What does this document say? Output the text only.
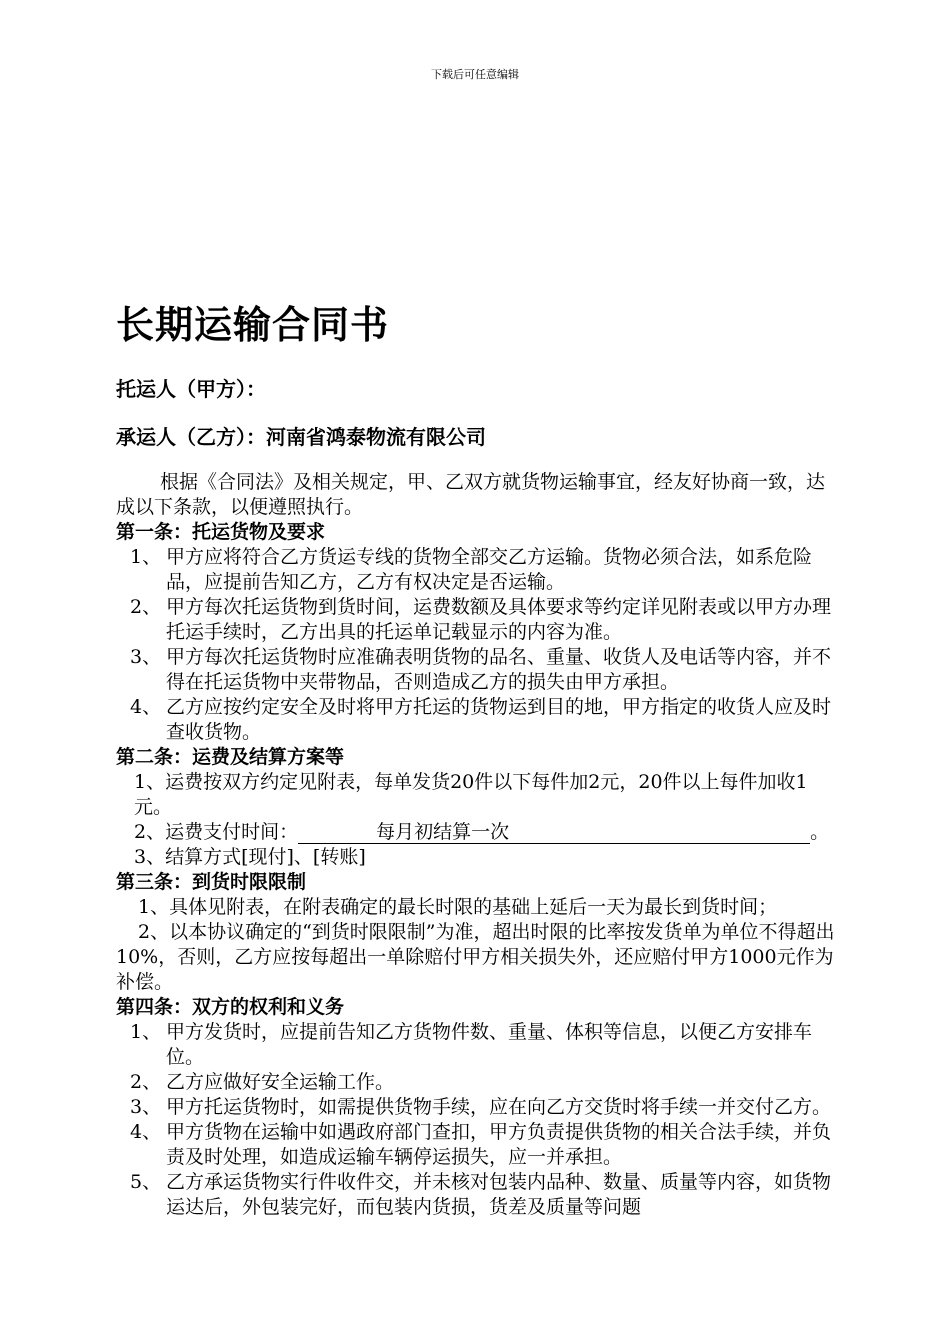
下载后可任意编辑
长期运输合同书
托运人（甲方）：
承运人（乙方）：河南省鸿泰物流有限公司

根据《合同法》及相关规定，甲、乙双方就货物运输事宜，经友好协商一致，达成以下条款，以便遵照执行。

第一条：托运货物及要求

1、 甲方应将符合乙方货运专线的货物全部交乙方运输。货物必须合法，如系危险品，应提前告知乙方，乙方有权决定是否运输。
2、 甲方每次托运货物到货时间，运费数额及具体要求等约定详见附表或以甲方办理托运手续时，乙方出具的托运单记载显示的内容为准。
3、 甲方每次托运货物时应准确表明货物的品名、重量、收货人及电话等内容，并不得在托运货物中夹带物品，否则造成乙方的损失由甲方承担。
4、 乙方应按约定安全及时将甲方托运的货物运到目的地，甲方指定的收货人应及时查收货物。

第二条：运费及结算方案等

1、运费按双方约定见附表，每单发货20件以下每件加2元，20件以上每件加收1元。

2、运费支付时间：	每月初结算一次	。

3、结算方式[现付]、[转账]

第三条：到货时限限制

1、具体见附表，在附表确定的最长时限的基础上延后一天为最长到货时间；

2、以本协议确定的“到货时限限制”为准，超出时限的比率按发货单为单位不得超出10%，否则，乙方应按每超出一单除赔付甲方相关损失外，还应赔付甲方1000元作为补偿。

第四条：双方的权利和义务

1、 甲方发货时，应提前告知乙方货物件数、重量、体积等信息，以便乙方安排车位。
2、 乙方应做好安全运输工作。
3、 甲方托运货物时，如需提供货物手续，应在向乙方交货时将手续一并交付乙方。
4、 甲方货物在运输中如遇政府部门查扣，甲方负责提供货物的相关合法手续，并负责及时处理，如造成运输车辆停运损失，应一并承担。
5、 乙方承运货物实行件收件交，并未核对包装内品种、数量、质量等内容，如货物运达后，外包装完好，而包装内货损，货差及质量等问题
